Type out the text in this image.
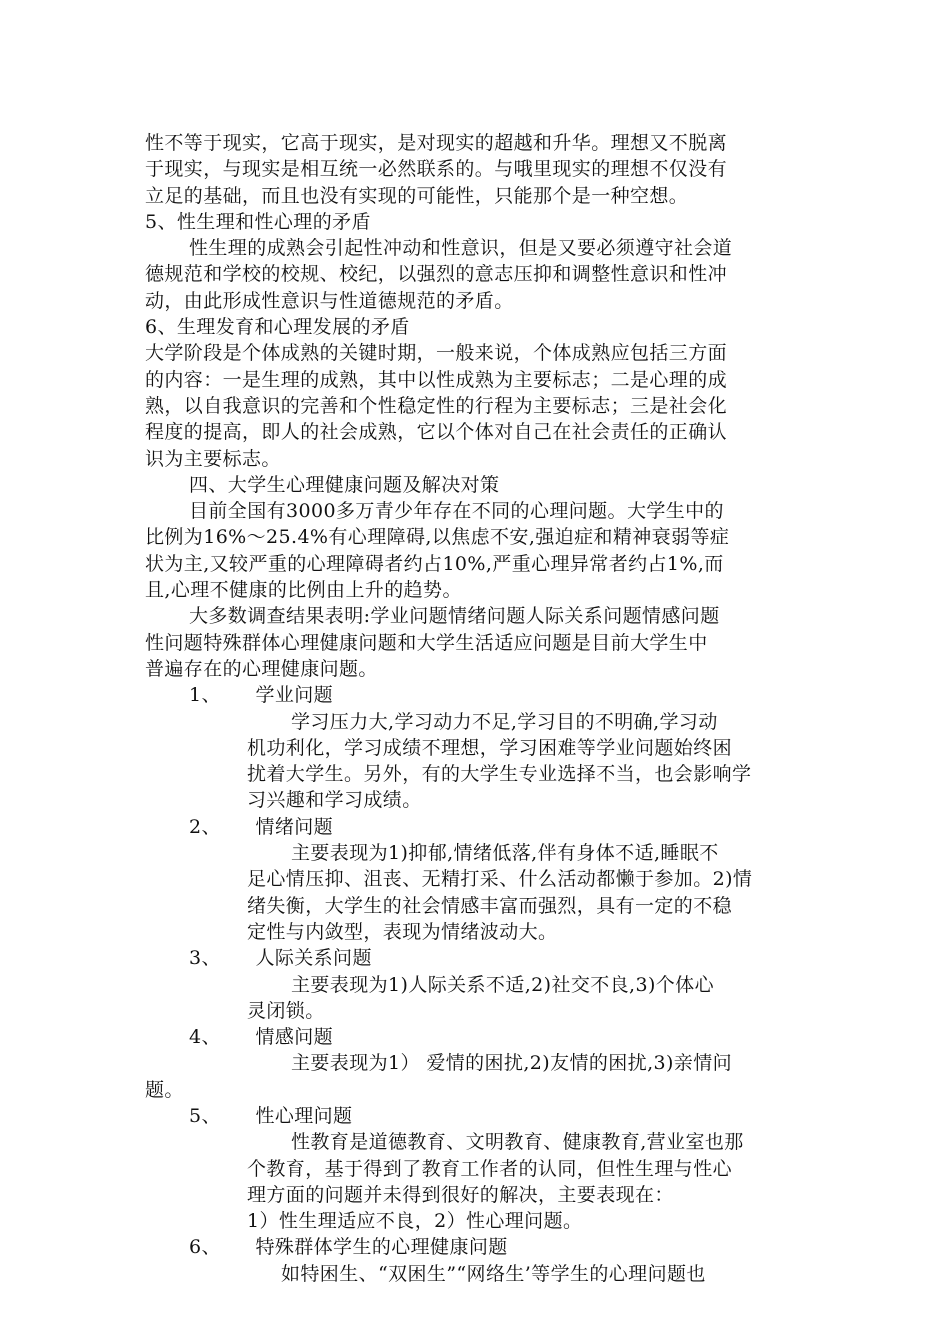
性不等于现实，它高于现实，是对现实的超越和升华。理想又不脱离
于现实，与现实是相互统一必然联系的。与哦里现实的理想不仅没有
立足的基础，而且也没有实现的可能性，只能那个是一种空想。
5、性生理和性心理的矛盾
性生理的成熟会引起性冲动和性意识，但是又要必须遵守社会道
德规范和学校的校规、校纪，以强烈的意志压抑和调整性意识和性冲
动，由此形成性意识与性道德规范的矛盾。
6、生理发育和心理发展的矛盾
大学阶段是个体成熟的关键时期，一般来说，个体成熟应包括三方面
的内容：一是生理的成熟，其中以性成熟为主要标志；二是心理的成
熟，以自我意识的完善和个性稳定性的行程为主要标志；三是社会化
程度的提高，即人的社会成熟，它以个体对自己在社会责任的正确认
识为主要标志。
四、大学生心理健康问题及解决对策
目前全国有3000多万青少年存在不同的心理问题。大学生中的
比例为16%～25.4%有心理障碍,以焦虑不安,强迫症和精神衰弱等症
状为主,又较严重的心理障碍者约占10%,严重心理异常者约占1%,而
且,心理不健康的比例由上升的趋势。
大多数调查结果表明:学业问题情绪问题人际关系问题情感问题
性问题特殊群体心理健康问题和大学生活适应问题是目前大学生中
普遍存在的心理健康问题。
1、 学业问题
学习压力大,学习动力不足,学习目的不明确,学习动
机功利化，学习成绩不理想，学习困难等学业问题始终困
扰着大学生。另外，有的大学生专业选择不当，也会影响学
习兴趣和学习成绩。
2、 情绪问题
主要表现为1)抑郁,情绪低落,伴有身体不适,睡眠不
足心情压抑、沮丧、无精打采、什么活动都懒于参加。2)情
绪失衡，大学生的社会情感丰富而强烈，具有一定的不稳
定性与内敛型，表现为情绪波动大。
3、 人际关系问题
主要表现为1)人际关系不适,2)社交不良,3)个体心
灵闭锁。
4、 情感问题
主要表现为1） 爱情的困扰,2)友情的困扰,3)亲情问
题。
5、 性心理问题
性教育是道德教育、文明教育、健康教育,营业室也那
个教育，基于得到了教育工作者的认同，但性生理与性心
理方面的问题并未得到很好的解决，主要表现在：
1）性生理适应不良，2）性心理问题。
6、 特殊群体学生的心理健康问题
如特困生、“双困生”“网络生’等学生的心理问题也
